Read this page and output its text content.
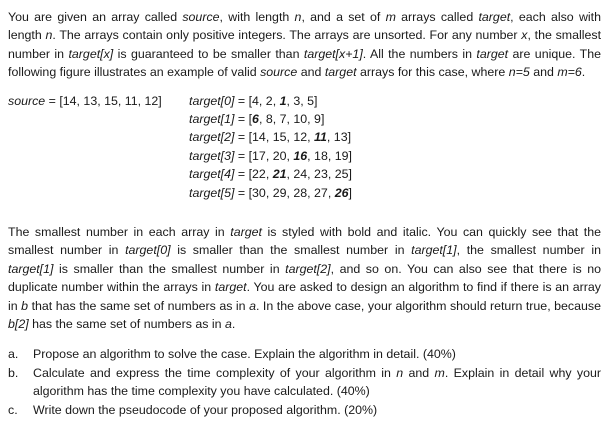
You are given an array called source, with length n, and a set of m arrays called target, each also with length n. The arrays contain only positive integers. The arrays are unsorted. For any number x, the smallest number in target[x] is guaranteed to be smaller than target[x+1]. All the numbers in target are unique. The following figure illustrates an example of valid source and target arrays for this case, where n=5 and m=6.

source = [14, 13, 15, 11, 12]	target[0] = [4, 2, 1, 3, 5]
target[1] = [6, 8, 7, 10, 9]
target[2] = [14, 15, 12, 11, 13]
target[3] = [17, 20, 16, 18, 19]
target[4] = [22, 21, 24, 23, 25]
target[5] = [30, 29, 28, 27, 26]

The smallest number in each array in target is styled with bold and italic. You can quickly see that the smallest number in target[0] is smaller than the smallest number in target[1], the smallest number in target[1] is smaller than the smallest number in target[2], and so on. You can also see that there is no duplicate number within the arrays in target. You are asked to design an algorithm to find if there is an array in b that has the same set of numbers as in a. In the above case, your algorithm should return true, because b[2] has the same set of numbers as in a.

a.	Propose an algorithm to solve the case. Explain the algorithm in detail. (40%)
b.	Calculate and express the time complexity of your algorithm in n and m. Explain in detail why your algorithm has the time complexity you have calculated. (40%)
c.	Write down the pseudocode of your proposed algorithm. (20%)
